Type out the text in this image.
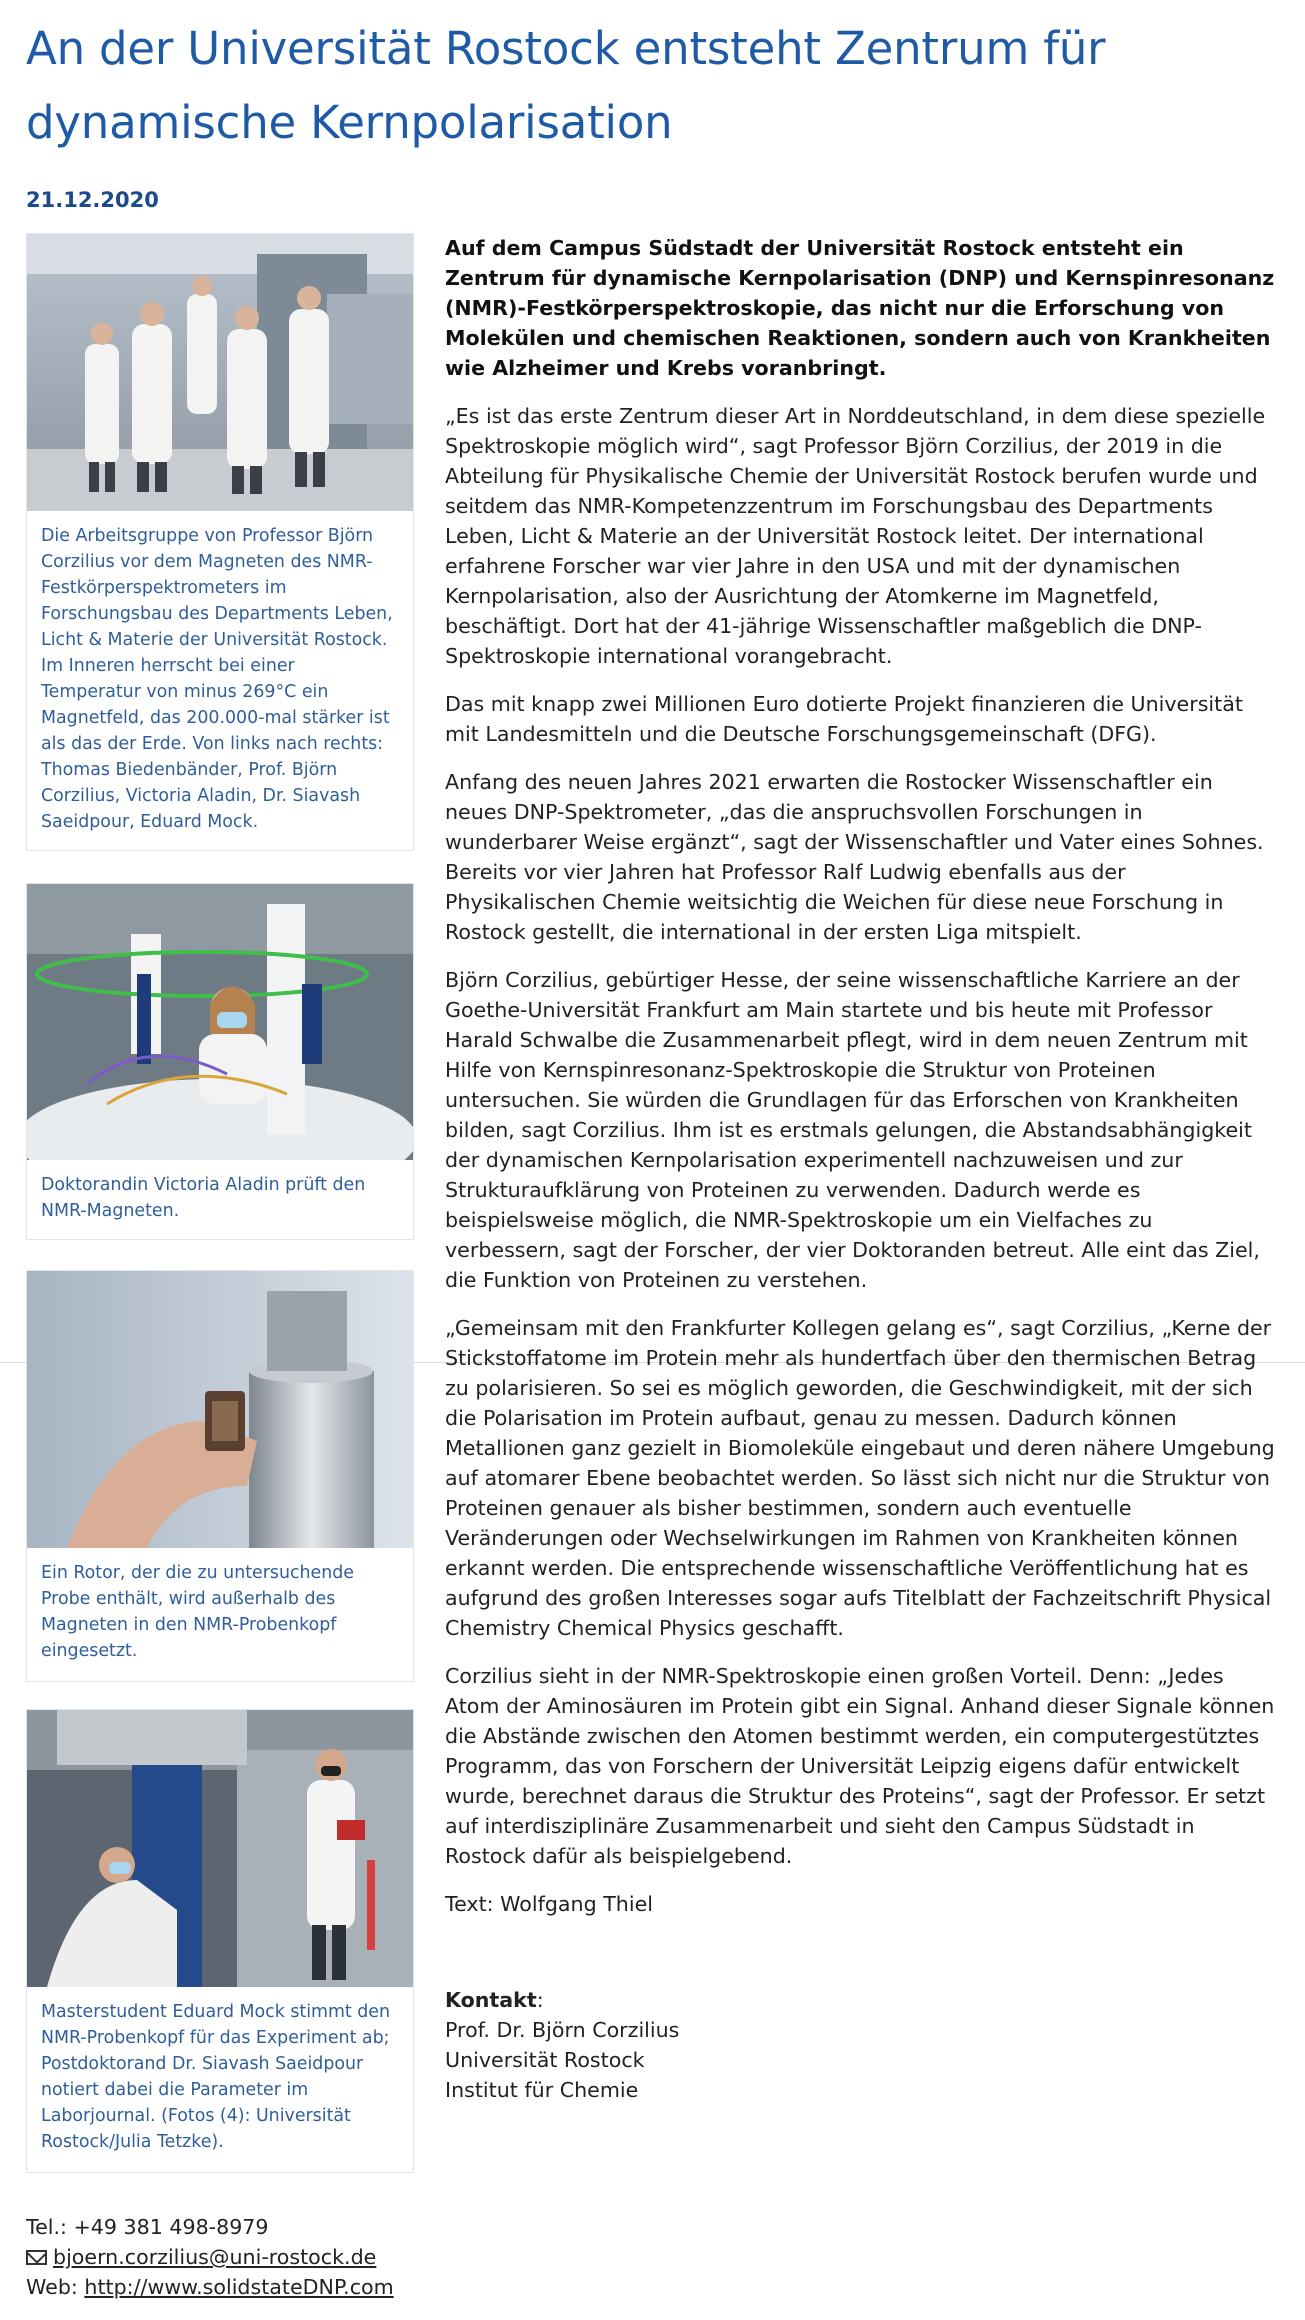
An der Universität Rostock entsteht Zentrum für dynamische Kernpolarisation
21.12.2020
Die Arbeitsgruppe von Professor Björn Corzilius vor dem Magneten des NMR-Festkörperspektrometers im Forschungsbau des Departments Leben, Licht & Materie der Universität Rostock. Im Inneren herrscht bei einer Temperatur von minus 269°C ein Magnetfeld, das 200.000-mal stärker ist als das der Erde. Von links nach rechts: Thomas Biedenbänder, Prof. Björn Corzilius, Victoria Aladin, Dr. Siavash Saeidpour, Eduard Mock.
Doktorandin Victoria Aladin prüft den NMR-Magneten.
Ein Rotor, der die zu untersuchende Probe enthält, wird außerhalb des Magneten in den NMR-Probenkopf eingesetzt.
Masterstudent Eduard Mock stimmt den NMR-Probenkopf für das Experiment ab; Postdoktorand Dr. Siavash Saeidpour notiert dabei die Parameter im Laborjournal. (Fotos (4): Universität Rostock/Julia Tetzke).
Tel.: +49 381 498-8979
bjoern.corzilius@uni-rostock.de
Web: http://www.solidstateDNP.com

Auf dem Campus Südstadt der Universität Rostock entsteht ein Zentrum für dynamische Kernpolarisation (DNP) und Kernspinresonanz (NMR)-Festkörperspektroskopie, das nicht nur die Erforschung von Molekülen und chemischen Reaktionen, sondern auch von Krankheiten wie Alzheimer und Krebs voranbringt.

„Es ist das erste Zentrum dieser Art in Norddeutschland, in dem diese spezielle Spektroskopie möglich wird“, sagt Professor Björn Corzilius, der 2019 in die Abteilung für Physikalische Chemie der Universität Rostock berufen wurde und seitdem das NMR-Kompetenzzentrum im Forschungsbau des Departments Leben, Licht & Materie an der Universität Rostock leitet. Der international erfahrene Forscher war vier Jahre in den USA und mit der dynamischen Kernpolarisation, also der Ausrichtung der Atomkerne im Magnetfeld, beschäftigt. Dort hat der 41-jährige Wissenschaftler maßgeblich die DNP-Spektroskopie international vorangebracht.

Das mit knapp zwei Millionen Euro dotierte Projekt finanzieren die Universität mit Landesmitteln und die Deutsche Forschungsgemeinschaft (DFG).

Anfang des neuen Jahres 2021 erwarten die Rostocker Wissenschaftler ein neues DNP-Spektrometer, „das die anspruchsvollen Forschungen in wunderbarer Weise ergänzt“, sagt der Wissenschaftler und Vater eines Sohnes. Bereits vor vier Jahren hat Professor Ralf Ludwig ebenfalls aus der Physikalischen Chemie weitsichtig die Weichen für diese neue Forschung in Rostock gestellt, die international in der ersten Liga mitspielt.

Björn Corzilius, gebürtiger Hesse, der seine wissenschaftliche Karriere an der Goethe-Universität Frankfurt am Main startete und bis heute mit Professor Harald Schwalbe die Zusammenarbeit pflegt, wird in dem neuen Zentrum mit Hilfe von Kernspinresonanz-Spektroskopie die Struktur von Proteinen untersuchen. Sie würden die Grundlagen für das Erforschen von Krankheiten bilden, sagt Corzilius. Ihm ist es erstmals gelungen, die Abstandsabhängigkeit der dynamischen Kernpolarisation experimentell nachzuweisen und zur Strukturaufklärung von Proteinen zu verwenden. Dadurch werde es beispielsweise möglich, die NMR-Spektroskopie um ein Vielfaches zu verbessern, sagt der Forscher, der vier Doktoranden betreut. Alle eint das Ziel, die Funktion von Proteinen zu verstehen.

„Gemeinsam mit den Frankfurter Kollegen gelang es“, sagt Corzilius, „Kerne der Stickstoffatome im Protein mehr als hundertfach über den thermischen Betrag zu polarisieren. So sei es möglich geworden, die Geschwindigkeit, mit der sich die Polarisation im Protein aufbaut, genau zu messen. Dadurch können Metallionen ganz gezielt in Biomoleküle eingebaut und deren nähere Umgebung auf atomarer Ebene beobachtet werden. So lässt sich nicht nur die Struktur von Proteinen genauer als bisher bestimmen, sondern auch eventuelle Veränderungen oder Wechselwirkungen im Rahmen von Krankheiten können erkannt werden. Die entsprechende wissenschaftliche Veröffentlichung hat es aufgrund des großen Interesses sogar aufs Titelblatt der Fachzeitschrift Physical Chemistry Chemical Physics geschafft.

Corzilius sieht in der NMR-Spektroskopie einen großen Vorteil. Denn: „Jedes Atom der Aminosäuren im Protein gibt ein Signal. Anhand dieser Signale können die Abstände zwischen den Atomen bestimmt werden, ein computergestütztes Programm, das von Forschern der Universität Leipzig eigens dafür entwickelt wurde, berechnet daraus die Struktur des Proteins“, sagt der Professor. Er setzt auf interdisziplinäre Zusammenarbeit und sieht den Campus Südstadt in Rostock dafür als beispielgebend.

Text: Wolfgang Thiel

Kontakt:
Prof. Dr. Björn Corzilius
Universität Rostock
Institut für Chemie
